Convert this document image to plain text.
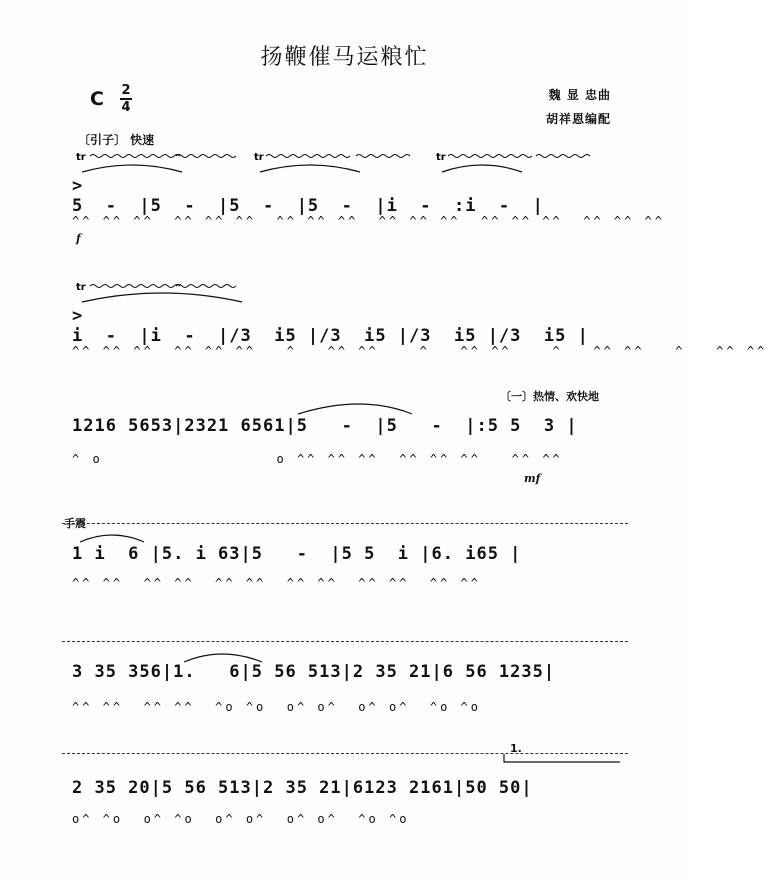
扬鞭催马运粮忙
C 2
4
魏 显 忠曲
胡祥恩编配
〔引子〕 快速
tr	tr	tr
>
5  -  |5  -  |5  -  |5  -  |i  -  :i  -  |
^^ ^^ ^^  ^^ ^^ ^^  ^^ ^^ ^^  ^^ ^^ ^^  ^^ ^^ ^^  ^^ ^^ ^^
f
tr
>
i  -  |i  -  |/3  i5 |/3  i5 |/3  i5 |/3  i5 |
^^ ^^ ^^  ^^ ^^ ^^   ^   ^^ ^^    ^   ^^ ^^    ^   ^^ ^^   ^   ^^ ^^
〔一〕热情、欢快地
1216 5653|2321 6561|5   -  |5   -  |:5 5  3 |
^ o                 o ^^ ^^ ^^  ^^ ^^ ^^   ^^ ^^
mf
手震
1 i  6 |5. i 63|5   -  |5 5  i |6. i65 |
^^ ^^  ^^ ^^  ^^ ^^  ^^ ^^  ^^ ^^  ^^ ^^
3 35 356|1.   6|5 56 513|2 35 21|6 56 1235|
^^ ^^  ^^ ^^  ^o ^o  o^ o^  o^ o^  ^o ^o
1.
2 35 20|5 56 513|2 35 21|6123 2161|50 50|
o^ ^o  o^ ^o  o^ o^  o^ o^  ^o ^o
